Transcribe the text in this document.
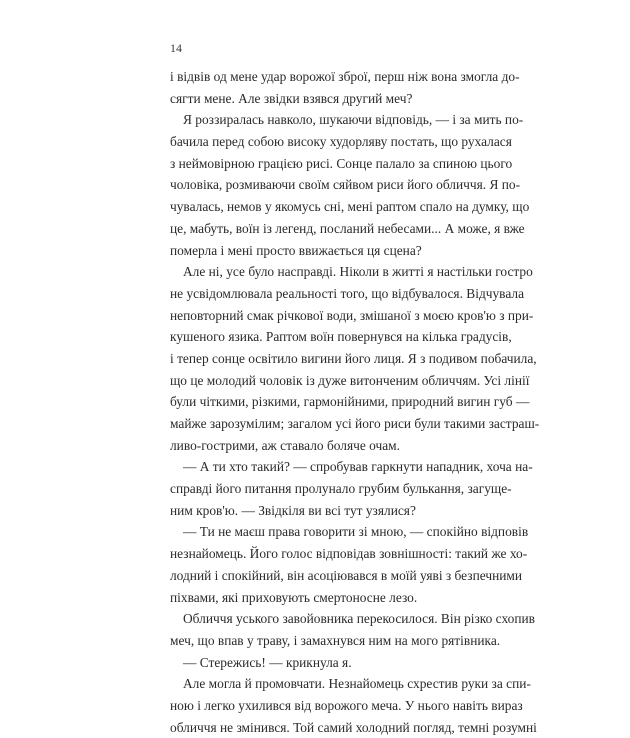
14
і відвів од мене удар ворожої зброї, перш ніж вона змогла до-
сягти мене. Але звідки взявся другий меч?
Я роззиралась навколо, шукаючи відповідь, — і за мить по-
бачила перед собою високу худорляву постать, що рухалася
з неймовірною грацією рисі. Сонце палало за спиною цього
чоловіка, розмиваючи своїм сяйвом риси його обличчя. Я по-
чувалась, немов у якомусь сні, мені раптом спало на думку, що
це, мабуть, воїн із легенд, посланий небесами... А може, я вже
померла і мені просто ввижається ця сцена?
Але ні, усе було насправді. Ніколи в житті я настільки гостро
не усвідомлювала реальності того, що відбувалося. Відчувала
неповторний смак річкової води, змішаної з моєю кров'ю з при-
кушеного язика. Раптом воїн повернувся на кілька градусів,
і тепер сонце освітило вигини його лиця. Я з подивом побачила,
що це молодий чоловік із дуже витонченим обличчям. Усі лінії
були чіткими, різкими, гармонійними, природний вигин губ —
майже зарозумілим; загалом усі його риси були такими застраш-
ливо-гострими, аж ставало боляче очам.
— А ти хто такий? — спробував гаркнути нападник, хоча на-
справді його питання пролунало грубим булькання, загуще-
ним кров'ю. — Звідкіля ви всі тут узялися?
— Ти не маєш права говорити зі мною, — спокійно відповів
незнайомець. Його голос відповідав зовнішності: такий же хо-
лодний і спокійний, він асоціювався в моїй уяві з безпечними
піхвами, які приховують смертоносне лезо.
Обличчя уського завойовника перекосилося. Він різко схопив
меч, що впав у траву, і замахнувся ним на мого рятівника.
— Стережись! — крикнула я.
Але могла й промовчати. Незнайомець схрестив руки за спи-
ною і легко ухилився від ворожого меча. У нього навіть вираз
обличчя не змінився. Той самий холодний погляд, темні розумні
